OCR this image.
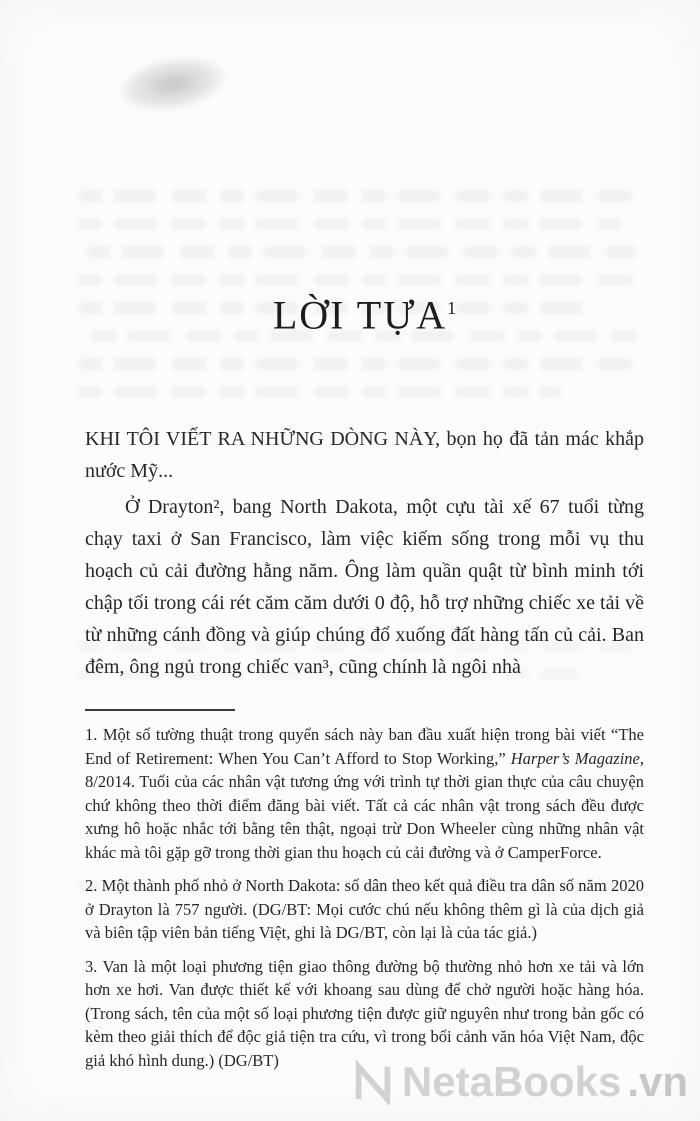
LỜI TỰA$^1$

KHI TÔI VIẾT RA NHỮNG DÒNG NÀY, bọn họ đã tản mác khắp nước Mỹ...

Ở Drayton², bang North Dakota, một cựu tài xế 67 tuổi từng chạy taxi ở San Francisco, làm việc kiếm sống trong mỗi vụ thu hoạch củ cải đường hằng năm. Ông làm quần quật từ bình minh tới chập tối trong cái rét căm căm dưới 0 độ, hỗ trợ những chiếc xe tải về từ những cánh đồng và giúp chúng đổ xuống đất hàng tấn củ cải. Ban đêm, ông ngủ trong chiếc van³, cũng chính là ngôi nhà

1. Một số tường thuật trong quyển sách này ban đầu xuất hiện trong bài viết “The End of Retirement: When You Can’t Afford to Stop Working,” Harper’s Magazine, 8/2014. Tuổi của các nhân vật tương ứng với trình tự thời gian thực của câu chuyện chứ không theo thời điểm đăng bài viết. Tất cả các nhân vật trong sách đều được xưng hô hoặc nhắc tới bằng tên thật, ngoại trừ Don Wheeler cùng những nhân vật khác mà tôi gặp gỡ trong thời gian thu hoạch củ cải đường và ở CamperForce.

2. Một thành phố nhỏ ở North Dakota: số dân theo kết quả điều tra dân số năm 2020 ở Drayton là 757 người. (DG/BT: Mọi cước chú nếu không thêm gì là của dịch giả và biên tập viên bản tiếng Việt, ghi là DG/BT, còn lại là của tác giả.)

3. Van là một loại phương tiện giao thông đường bộ thường nhỏ hơn xe tải và lớn hơn xe hơi. Van được thiết kế với khoang sau dùng để chở người hoặc hàng hóa. (Trong sách, tên của một số loại phương tiện được giữ nguyên như trong bản gốc có kèm theo giải thích để độc giả tiện tra cứu, vì trong bối cảnh văn hóa Việt Nam, độc giả khó hình dung.) (DG/BT)	NetaBooks .vn
